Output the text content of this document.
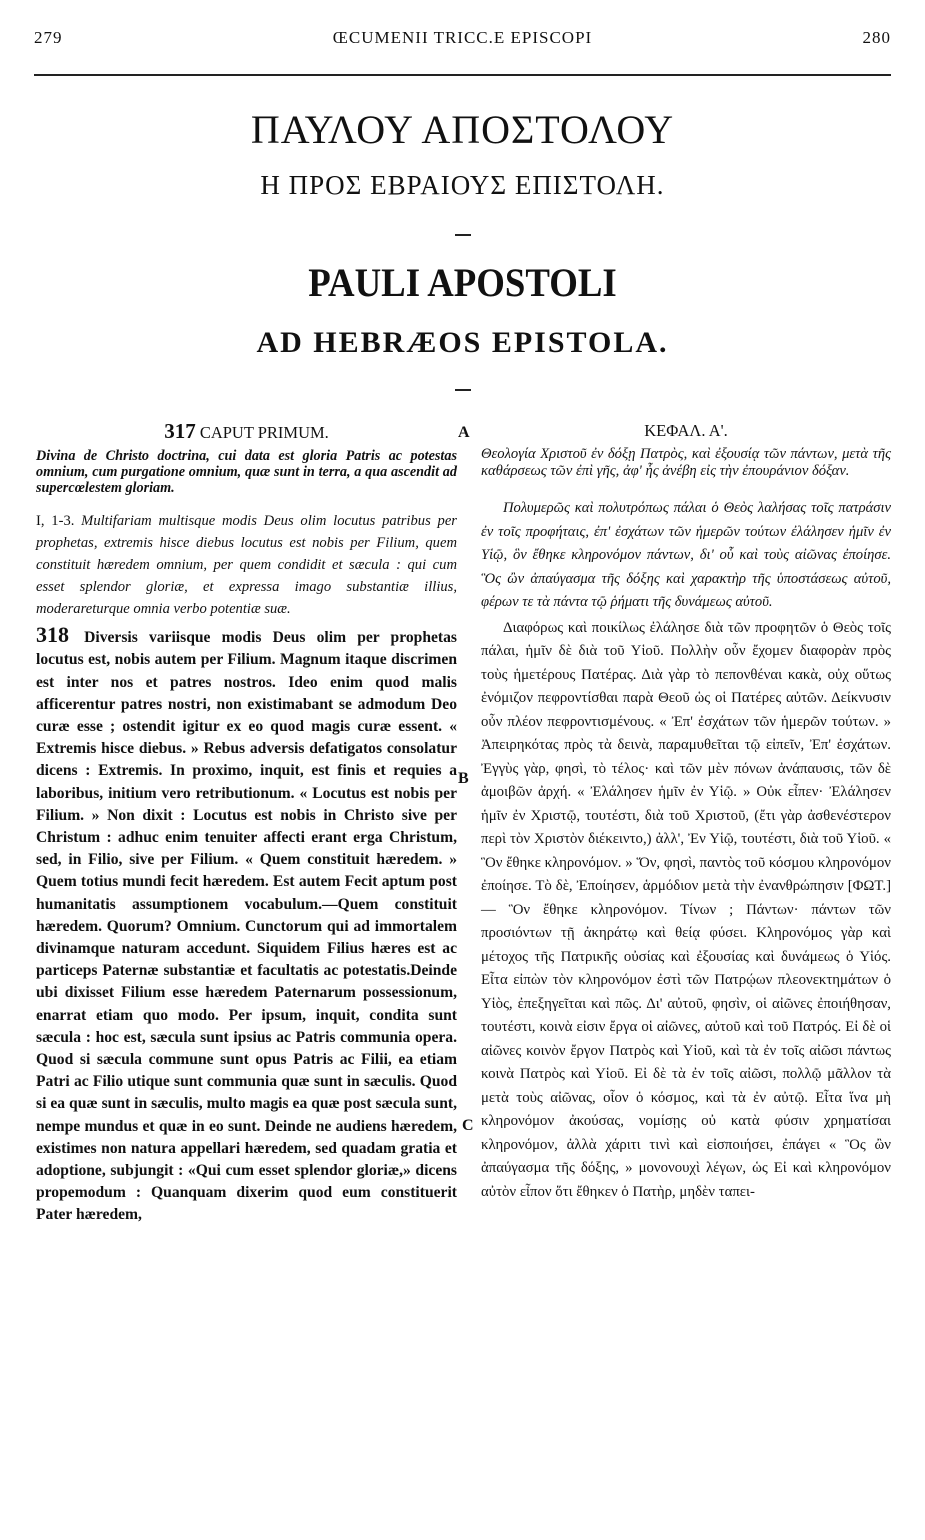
279	ŒCUMENII TRICC.E EPISCOPI	280
ΠΑΥΛΟΥ ΑΠΟΣΤΟΛΟΥ
Η ΠΡΟΣ ΕΒΡΑΙΟΥΣ ΕΠΙΣΤΟΛΗ.
PAULI APOSTOLI
AD HEBRÆOS EPISTOLA.
A
B
C
317 CAPUT PRIMUM.
Divina de Christo doctrina, cui data est gloria Patris ac potestas omnium, cum purgatione omnium, quæ sunt in terra, a qua ascendit ad supercœlestem gloriam.
I, 1-3. Multifariam multisque modis Deus olim locutus patribus per prophetas, extremis hisce diebus locutus est nobis per Filium, quem constituit hæredem omnium, per quem condidit et sæcula : qui cum esset splendor gloriæ, et expressa imago substantiæ illius, moderareturque omnia verbo potentiæ suæ.
318 Diversis variisque modis Deus olim per prophetas locutus est, nobis autem per Filium. Magnum itaque discrimen est inter nos et patres nostros. Ideo enim quod malis afficerentur patres nostri, non existimabant se admodum Deo curæ esse ; ostendit igitur ex eo quod magis curæ essent. « Extremis hisce diebus. » Rebus adversis defatigatos consolatur dicens : Extremis. In proximo, inquit, est finis et requies a laboribus, initium vero retributionum. « Locutus est nobis per Filium. » Non dixit : Locutus est nobis in Christo sive per Christum : adhuc enim tenuiter affecti erant erga Christum, sed, in Filio, sive per Filium. « Quem constituit hæredem. » Quem totius mundi fecit hæredem. Est autem Fecit aptum post humanitatis assumptionem vocabulum.—Quem constituit hæredem. Quorum? Omnium. Cunctorum qui ad immortalem divinamque naturam accedunt. Siquidem Filius hæres est ac particeps Paternæ substantiæ et facultatis ac potestatis.Deinde ubi dixisset Filium esse hæredem Paternarum possessionum, enarrat etiam quo modo. Per ipsum, inquit, condita sunt sæcula : hoc est, sæcula sunt ipsius ac Patris communia opera. Quod si sæcula commune sunt opus Patris ac Filii, ea etiam Patri ac Filio utique sunt communia quæ sunt in sæculis. Quod si ea quæ sunt in sæculis, multo magis ea quæ post sæcula sunt, nempe mundus et quæ in eo sunt. Deinde ne audiens hæredem, existimes non natura appellari hæredem, sed quadam gratia et adoptione, subjungit : «Qui cum esset splendor gloriæ,» dicens propemodum : Quanquam dixerim quod eum constituerit Pater hæredem,
ΚΕΦΑΛ. Α'.
Θεολογία Χριστοῦ ἐν δόξῃ Πατρὸς, καὶ ἐξουσίᾳ τῶν πάντων, μετὰ τῆς καθάρσεως τῶν ἐπὶ γῆς, ἀφ' ἧς ἀνέβη εἰς τὴν ἐπουράνιον δόξαν.
Πολυμερῶς καὶ πολυτρόπως πάλαι ὁ Θεὸς λαλήσας τοῖς πατράσιν ἐν τοῖς προφήταις, ἐπ' ἐσχάτων τῶν ἡμερῶν τούτων ἐλάλησεν ἡμῖν ἐν Υἱῷ, ὃν ἔθηκε κληρονόμον πάντων, δι' οὗ καὶ τοὺς αἰῶνας ἐποίησε. Ὃς ὢν ἀπαύγασμα τῆς δόξης καὶ χαρακτὴρ τῆς ὑποστάσεως αὐτοῦ, φέρων τε τὰ πάντα τῷ ῥήματι τῆς δυνάμεως αὐτοῦ.
Διαφόρως καὶ ποικίλως ἐλάλησε διὰ τῶν προφητῶν ὁ Θεὸς τοῖς πάλαι, ἡμῖν δὲ διὰ τοῦ Υἱοῦ. Πολλὴν οὖν ἔχομεν διαφορὰν πρὸς τοὺς ἡμετέρους Πατέρας. Διὰ γὰρ τὸ πεπονθέναι κακὰ, οὐχ οὕτως ἐνόμιζον πεφροντίσθαι παρὰ Θεοῦ ὡς οἱ Πατέρες αὐτῶν. Δείκνυσιν οὖν πλέον πεφροντισμένους. « Ἐπ' ἐσχάτων τῶν ἡμερῶν τούτων. » Ἀπειρηκότας πρὸς τὰ δεινὰ, παραμυθεῖται τῷ εἰπεῖν, Ἐπ' ἐσχάτων. Ἐγγὺς γὰρ, φησὶ, τὸ τέλος· καὶ τῶν μὲν πόνων ἀνάπαυσις, τῶν δὲ ἀμοιβῶν ἀρχή. « Ἐλάλησεν ἡμῖν ἐν Υἱῷ. » Οὐκ εἶπεν· Ἐλάλησεν ἡμῖν ἐν Χριστῷ, τουτέστι, διὰ τοῦ Χριστοῦ, (ἔτι γὰρ ἀσθενέστερον περὶ τὸν Χριστὸν διέκειντο,) ἀλλ', Ἐν Υἱῷ, τουτέστι, διὰ τοῦ Υἱοῦ. « Ὃν ἔθηκε κληρονόμον. » Ὅν, φησὶ, παντὸς τοῦ κόσμου κληρονόμον ἐποίησε. Τὸ δὲ, Ἐποίησεν, ἁρμόδιον μετὰ τὴν ἐνανθρώπησιν [ΦΩΤ.] — Ὃν ἔθηκε κληρονόμον. Τίνων ; Πάντων· πάντων τῶν προσιόντων τῇ ἀκηράτῳ καὶ θείᾳ φύσει. Κληρονόμος γὰρ καὶ μέτοχος τῆς Πατρικῆς οὐσίας καὶ ἐξουσίας καὶ δυνάμεως ὁ Υἱός. Εἶτα εἰπὼν τὸν κληρονόμον ἐστὶ τῶν Πατρῴων πλεονεκτημάτων ὁ Υἱὸς, ἐπεξηγεῖται καὶ πῶς. Δι' αὐτοῦ, φησὶν, οἱ αἰῶνες ἐποιήθησαν, τουτέστι, κοινὰ εἰσιν ἔργα οἱ αἰῶνες, αὐτοῦ καὶ τοῦ Πατρός. Εἰ δὲ οἱ αἰῶνες κοινὸν ἔργον Πατρὸς καὶ Υἱοῦ, καὶ τὰ ἐν τοῖς αἰῶσι πάντως κοινὰ Πατρὸς καὶ Υἱοῦ. Εἰ δὲ τὰ ἐν τοῖς αἰῶσι, πολλῷ μᾶλλον τὰ μετὰ τοὺς αἰῶνας, οἷον ὁ κόσμος, καὶ τὰ ἐν αὐτῷ. Εἶτα ἵνα μὴ κληρονόμον ἀκούσας, νομίσῃς οὐ κατὰ φύσιν χρηματίσαι κληρονόμον, ἀλλὰ χάριτι τινὶ καὶ εἰσποιήσει, ἐπάγει « Ὃς ὢν ἀπαύγασμα τῆς δόξης, » μονονουχὶ λέγων, ὡς Εἰ καὶ κληρονόμον αὐτὸν εἶπον ὅτι ἔθηκεν ὁ Πατὴρ, μηδὲν ταπει-
